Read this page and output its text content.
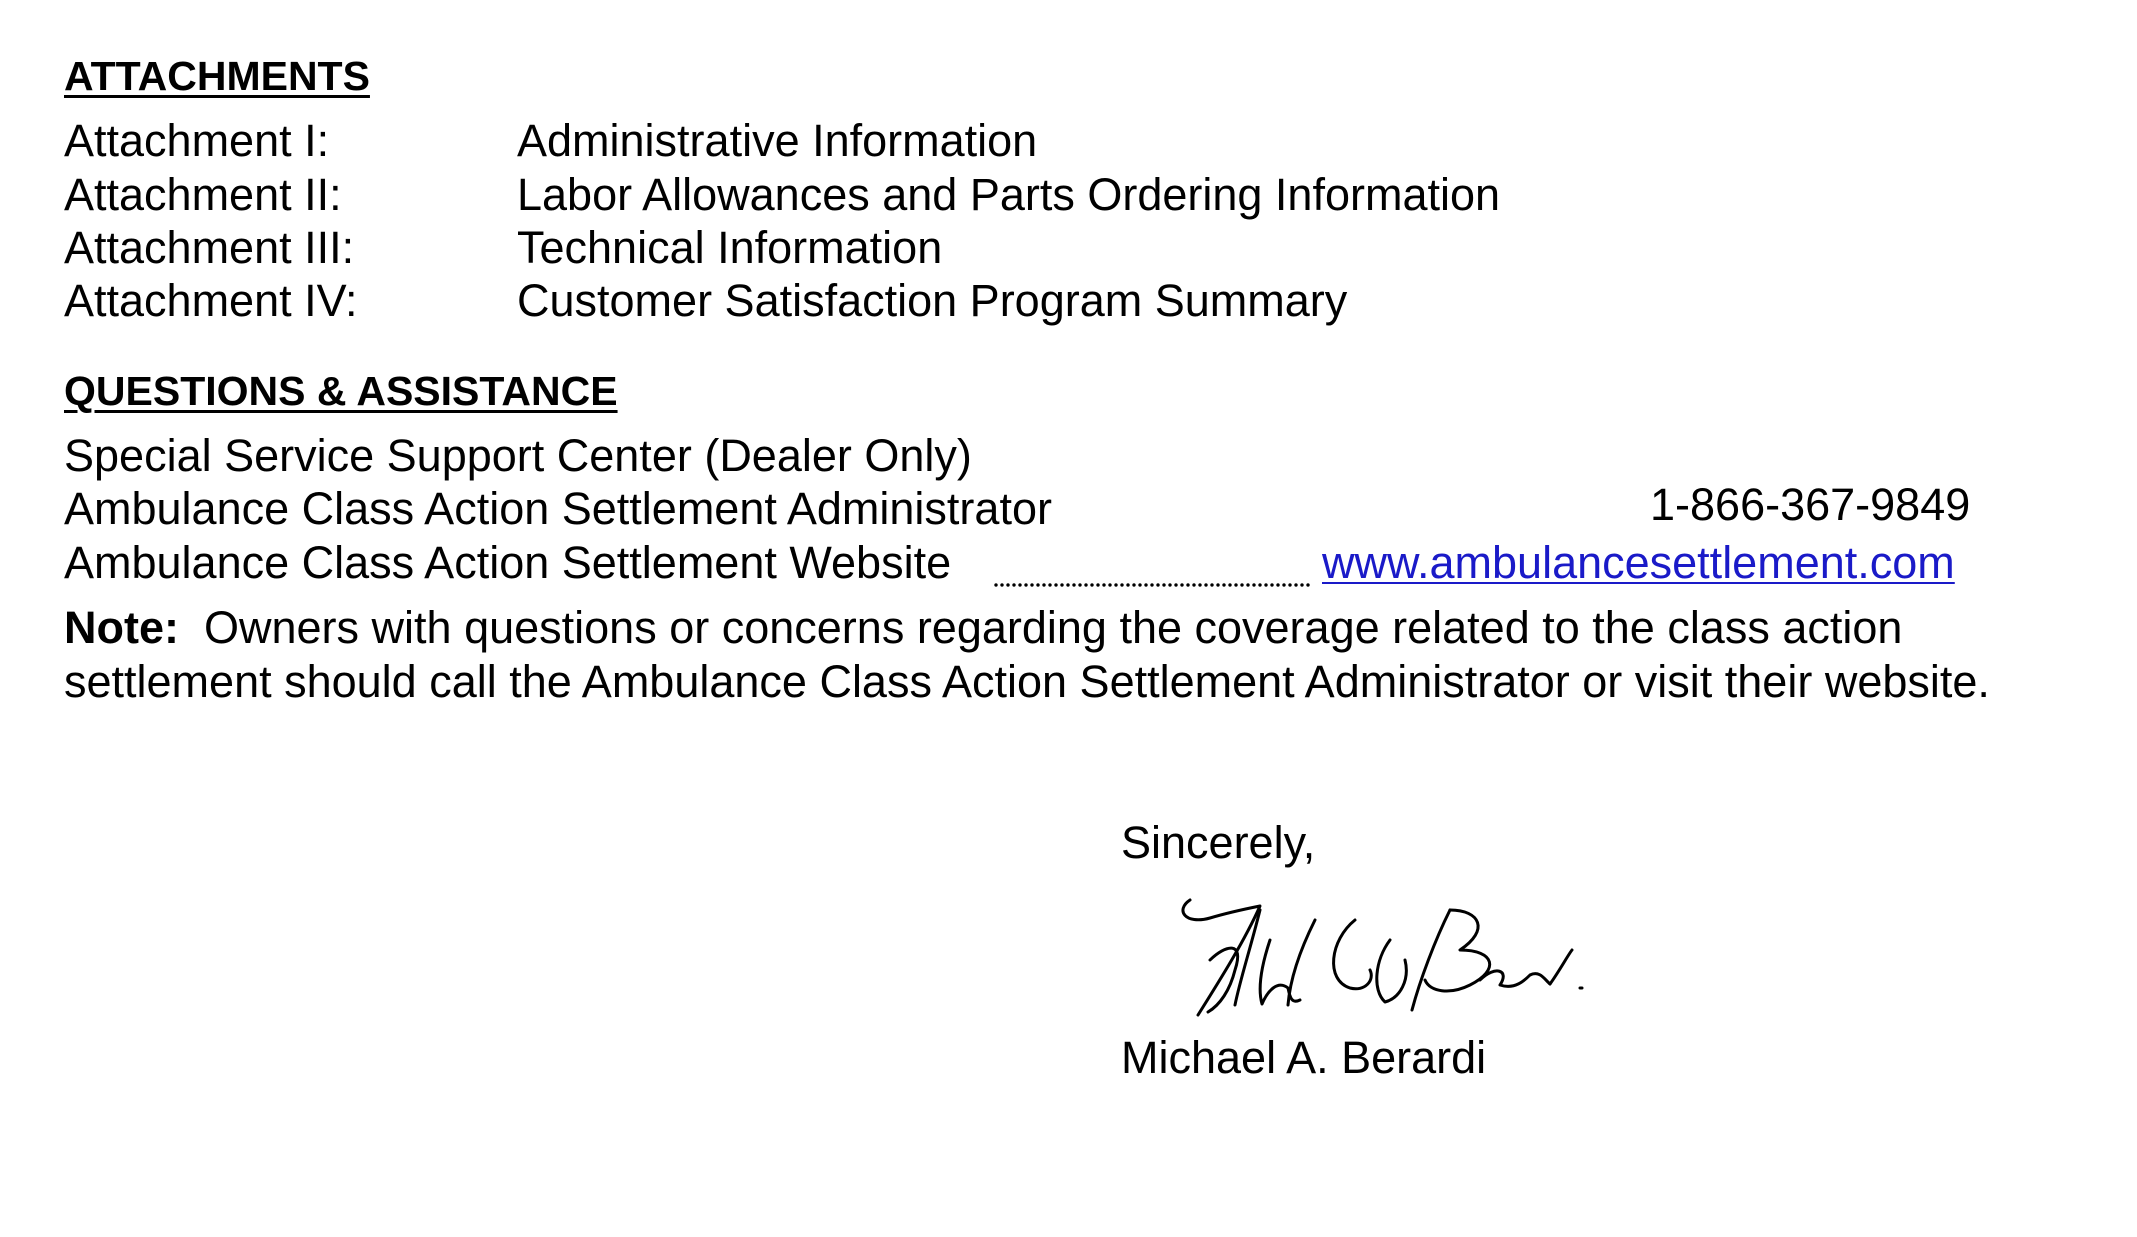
ATTACHMENTS
Attachment I:	Administrative Information
Attachment II:	Labor Allowances and Parts Ordering Information
Attachment III:	Technical Information
Attachment IV:	Customer Satisfaction Program Summary
QUESTIONS & ASSISTANCE
Special Service Support Center (Dealer Only)
Ambulance Class Action Settlement Administrator	1-866-367-9849
Ambulance Class Action Settlement Website	www.ambulancesettlement.com
Note: Owners with questions or concerns regarding the coverage related to the class action
settlement should call the Ambulance Class Action Settlement Administrator or visit their website.
Sincerely,
Michael A. Berardi
